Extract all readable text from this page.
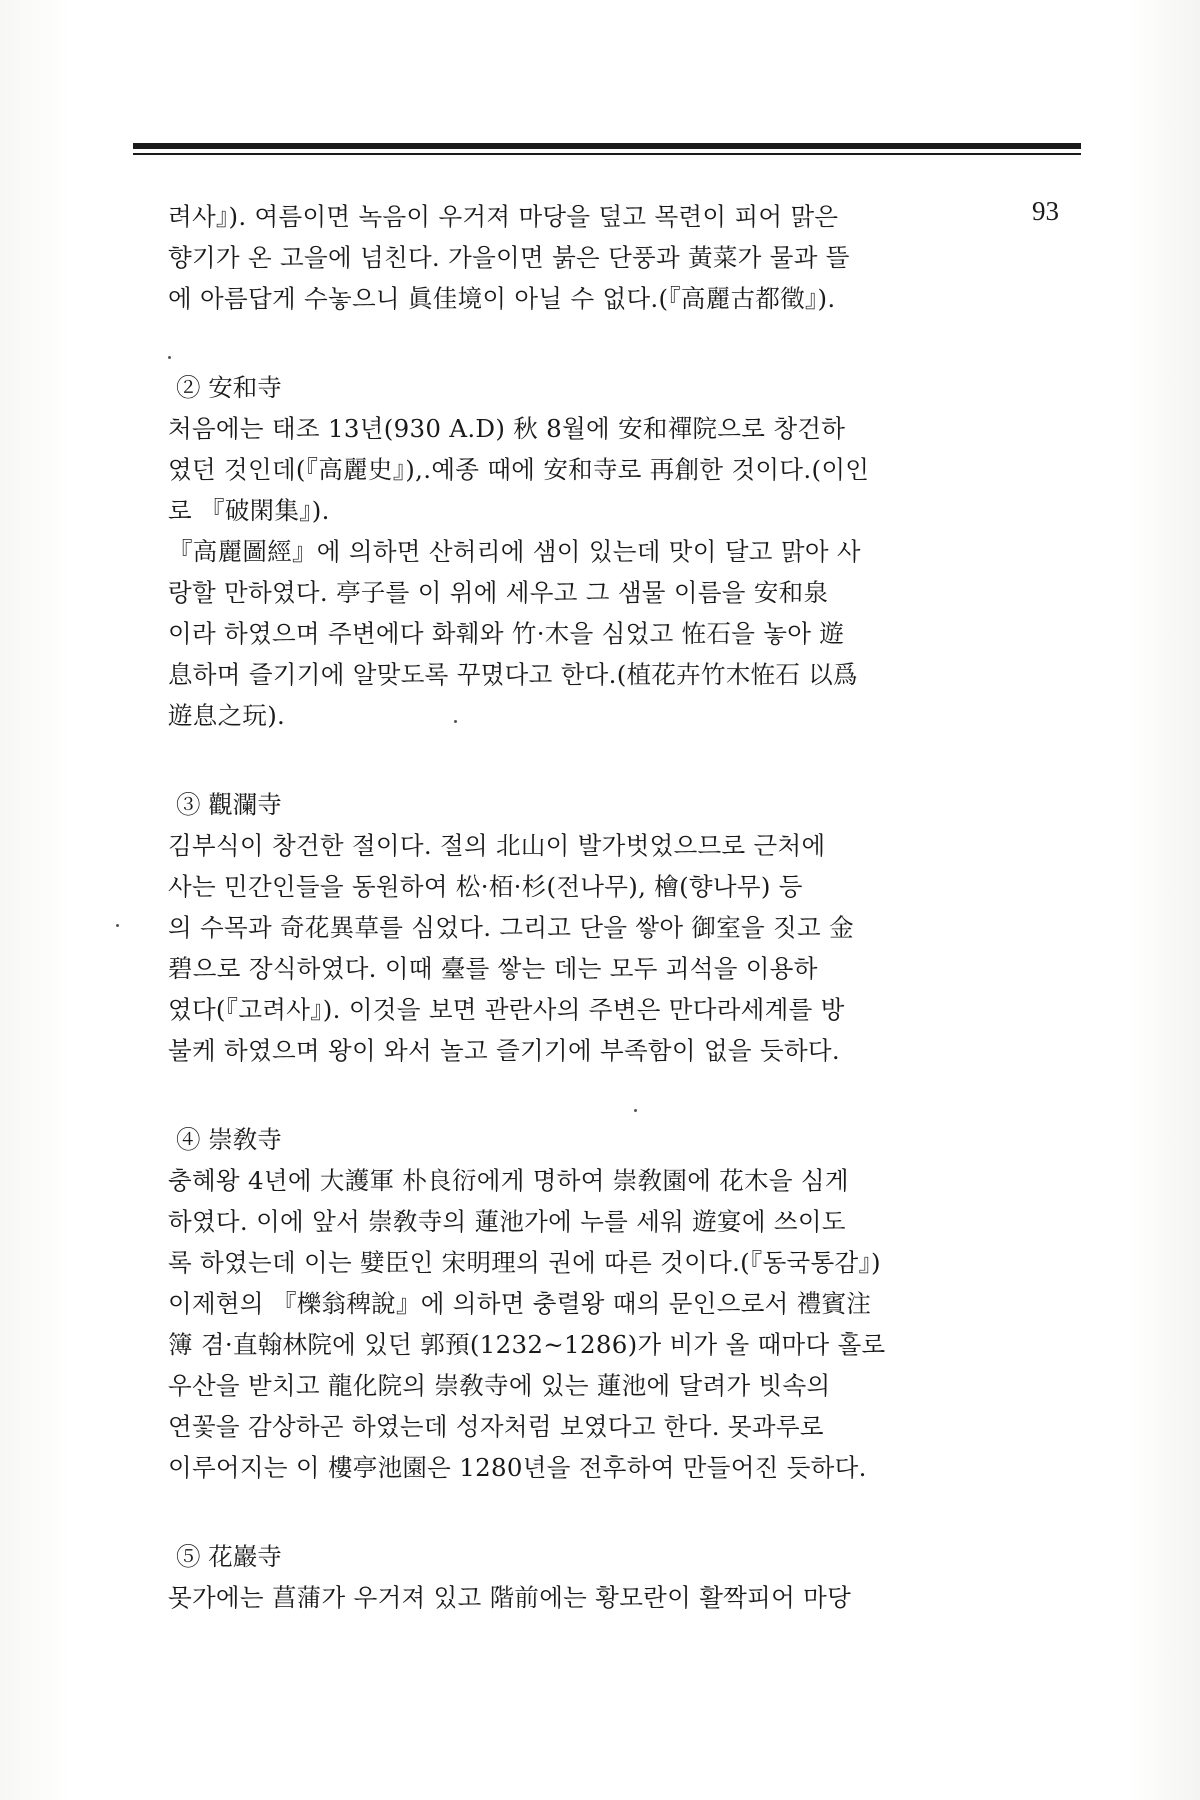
93
려사』). 여름이면 녹음이 우거져 마당을 덮고 목련이 피어 맑은
향기가 온 고을에 넘친다. 가을이면 붉은 단풍과 黃菜가 물과 뜰
에 아름답게 수놓으니 眞佳境이 아닐 수 없다.(『高麗古都徵』).
② 安和寺
처음에는 태조 13년(930 A.D) 秋 8월에 安和禪院으로 창건하
였던 것인데(『高麗史』),.예종 때에 安和寺로 再創한 것이다.(이인
로 『破閑集』).
『高麗圖經』에 의하면 산허리에 샘이 있는데 맛이 달고 맑아 사
랑할 만하였다. 亭子를 이 위에 세우고 그 샘물 이름을 安和泉
이라 하였으며 주변에다 화훼와 竹·木을 심었고 恠石을 놓아 遊
息하며 즐기기에 알맞도록 꾸몄다고 한다.(植花卉竹木恠石 以爲
遊息之玩).
③ 觀瀾寺
김부식이 창건한 절이다. 절의 北山이 발가벗었으므로 근처에
사는 민간인들을 동원하여 松·栢·杉(전나무), 檜(향나무) 등
의 수목과 奇花異草를 심었다. 그리고 단을 쌓아 御室을 짓고 金
碧으로 장식하였다. 이때 臺를 쌓는 데는 모두 괴석을 이용하
였다(『고려사』). 이것을 보면 관란사의 주변은 만다라세계를 방
불케 하였으며 왕이 와서 놀고 즐기기에 부족함이 없을 듯하다.
④ 崇敎寺
충혜왕 4년에 大護軍 朴良衍에게 명하여 崇敎園에 花木을 심게
하였다. 이에 앞서 崇敎寺의 蓮池가에 누를 세워 遊宴에 쓰이도
록 하였는데 이는 嬖臣인 宋明理의 권에 따른 것이다.(『동국통감』)
이제현의 『櫟翁稗說』에 의하면 충렬왕 때의 문인으로서 禮賓注
簿 겸·直翰林院에 있던 郭預(1232~1286)가 비가 올 때마다 홀로
우산을 받치고 龍化院의 崇敎寺에 있는 蓮池에 달려가 빗속의
연꽃을 감상하곤 하였는데 성자처럼 보였다고 한다. 못과루로
이루어지는 이 樓亭池園은 1280년을 전후하여 만들어진 듯하다.
⑤ 花巖寺
못가에는 菖蒲가 우거져 있고 階前에는 황모란이 활짝피어 마당
